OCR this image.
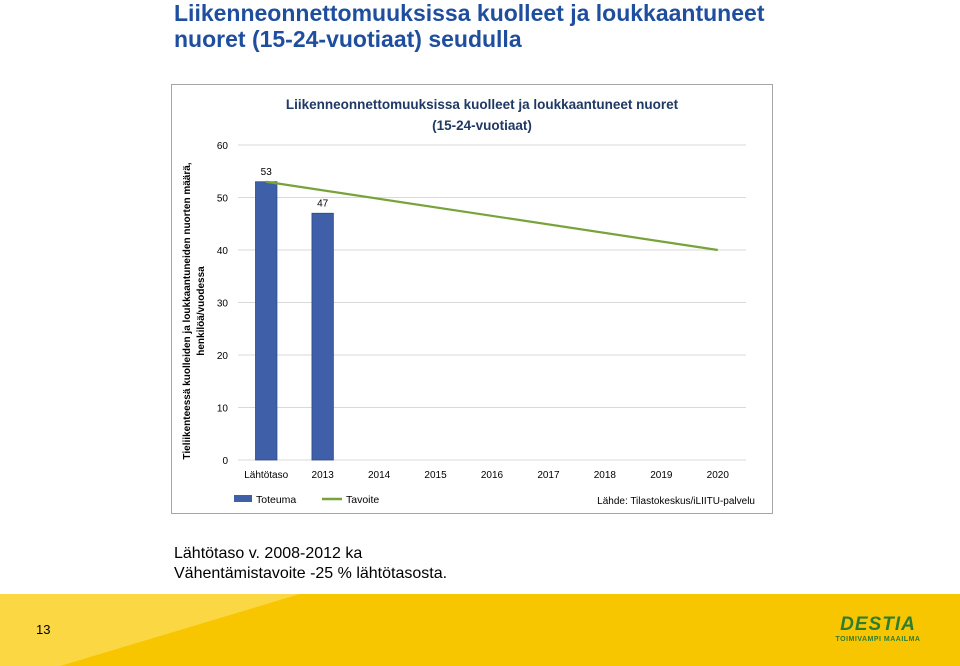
Liikenneonnettomuuksissa kuolleet ja loukkaantuneet
nuoret (15-24-vuotiaat) seudulla
Liikenneonnettomuuksissa kuolleet ja loukkaantuneet nuoret
(15-24-vuotiaat)
0
10
20
30
40
50
60
53
47
Lähtötaso 2013	2014	2015	2016	2017	2018	2019	2020
Tieliikenteessä kuolleiden ja loukkaantuneiden nuorten määrä, henkilöä/vuodessa
Toteuma	Tavoite	Lähde: Tilastokeskus/iLIITU-palvelu
Lähtötaso v. 2008-2012 ka
Vähentämistavoite -25 % lähtötasosta.
13	DESTIA
TOIMIVAMPI MAAILMA
